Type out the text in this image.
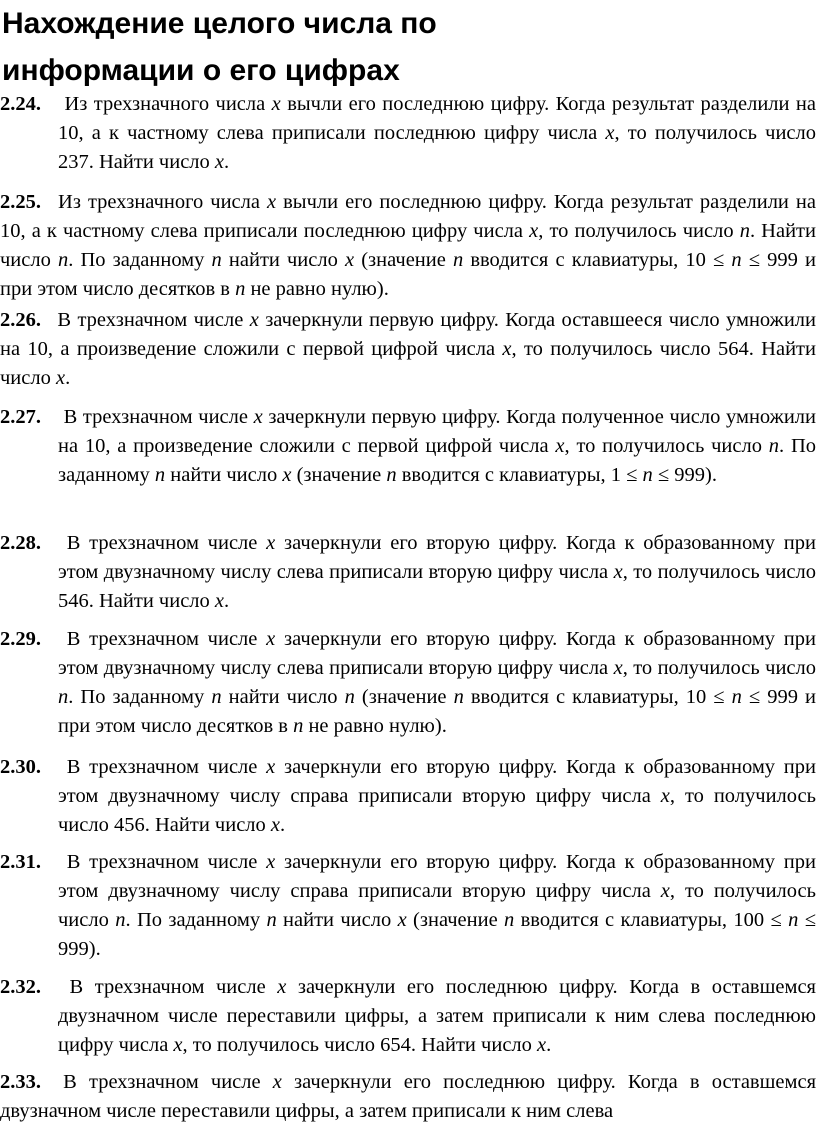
Нахождение целого числа по
информации о его цифрах

2.24. Из трехзначного числа x вычли его последнюю цифру. Когда результат разделили на 10, а к частному слева приписали последнюю цифру числа x, то получилось число 237. Найти число x.

2.25. Из трехзначного числа x вычли его последнюю цифру. Когда результат разделили на 10, а к частному слева приписали последнюю цифру числа x, то получилось число n. Найти число n. По заданному n найти число x (значение n вводится с клавиатуры, 10 ≤ n ≤ 999 и при этом число десятков в n не равно нулю).

2.26. В трехзначном числе x зачеркнули первую цифру. Когда оставшееся число умножили на 10, а произведение сложили с первой цифрой числа x, то получилось число 564. Найти число x.

2.27. В трехзначном числе x зачеркнули первую цифру. Когда полученное число умножили на 10, а произведение сложили с первой цифрой числа x, то получилось число n. По заданному n найти число x (значение n вводится с клавиатуры, 1 ≤ n ≤ 999).

2.28. В трехзначном числе x зачеркнули его вторую цифру. Когда к образованному при этом двузначному числу слева приписали вторую цифру числа x, то получилось число 546. Найти число x.

2.29. В трехзначном числе x зачеркнули его вторую цифру. Когда к образованному при этом двузначному числу слева приписали вторую цифру числа x, то получилось число n. По заданному n найти число n (значение n вводится с клавиатуры, 10 ≤ n ≤ 999 и при этом число десятков в n не равно нулю).

2.30. В трехзначном числе x зачеркнули его вторую цифру. Когда к образованному при этом двузначному числу справа приписали вторую цифру числа x, то получилось число 456. Найти число x.

2.31. В трехзначном числе x зачеркнули его вторую цифру. Когда к образованному при этом двузначному числу справа приписали вторую цифру числа x, то получилось число n. По заданному n найти число x (значение n вводится с клавиатуры, 100 ≤ n ≤ 999).

2.32. В трехзначном числе x зачеркнули его последнюю цифру. Когда в оставшемся двузначном числе переставили цифры, а затем приписали к ним слева последнюю цифру числа x, то получилось число 654. Найти число x.

2.33. В трехзначном числе x зачеркнули его последнюю цифру. Когда в оставшемся двузначном числе переставили цифры, а затем приписали к ним слева
